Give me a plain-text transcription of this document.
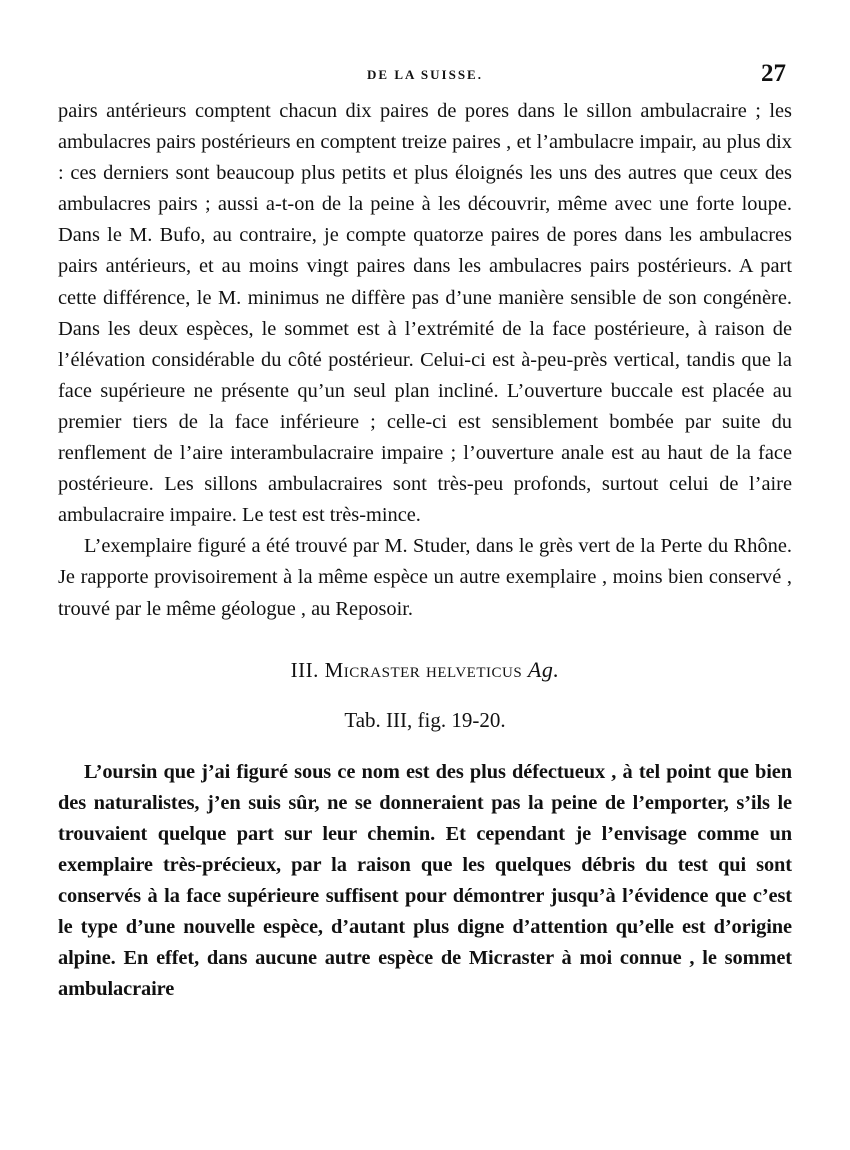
DE LA SUISSE.	27

pairs antérieurs comptent chacun dix paires de pores dans le sillon ambulacraire ; les ambulacres pairs postérieurs en comptent treize paires , et l’ambulacre impair, au plus dix : ces derniers sont beaucoup plus petits et plus éloignés les uns des autres que ceux des ambulacres pairs ; aussi a-t-on de la peine à les découvrir, même avec une forte loupe. Dans le M. Bufo, au contraire, je compte quatorze paires de pores dans les ambulacres pairs antérieurs, et au moins vingt paires dans les ambulacres pairs postérieurs. A part cette différence, le M. minimus ne diffère pas d’une manière sensible de son congénère. Dans les deux espèces, le sommet est à l’extrémité de la face postérieure, à raison de l’élévation considérable du côté postérieur. Celui-ci est à-peu-près vertical, tandis que la face supérieure ne présente qu’un seul plan incliné. L’ouverture buccale est placée au premier tiers de la face inférieure ; celle-ci est sensiblement bombée par suite du renflement de l’aire interambulacraire impaire ; l’ouverture anale est au haut de la face postérieure. Les sillons ambulacraires sont très-peu profonds, surtout celui de l’aire ambulacraire impaire. Le test est très-mince.

L’exemplaire figuré a été trouvé par M. Studer, dans le grès vert de la Perte du Rhône. Je rapporte provisoirement à la même espèce un autre exemplaire , moins bien conservé , trouvé par le même géologue , au Reposoir.

III. Micraster helveticus Ag.
Tab. III, fig. 19-20.

L’oursin que j’ai figuré sous ce nom est des plus défectueux , à tel point que bien des naturalistes, j’en suis sûr, ne se donneraient pas la peine de l’emporter, s’ils le trouvaient quelque part sur leur chemin. Et cependant je l’envisage comme un exemplaire très-précieux, par la raison que les quelques débris du test qui sont conservés à la face supérieure suffisent pour démontrer jusqu’à l’évidence que c’est le type d’une nouvelle espèce, d’autant plus digne d’attention qu’elle est d’origine alpine. En effet, dans aucune autre espèce de Micraster à moi connue , le sommet ambulacraire
